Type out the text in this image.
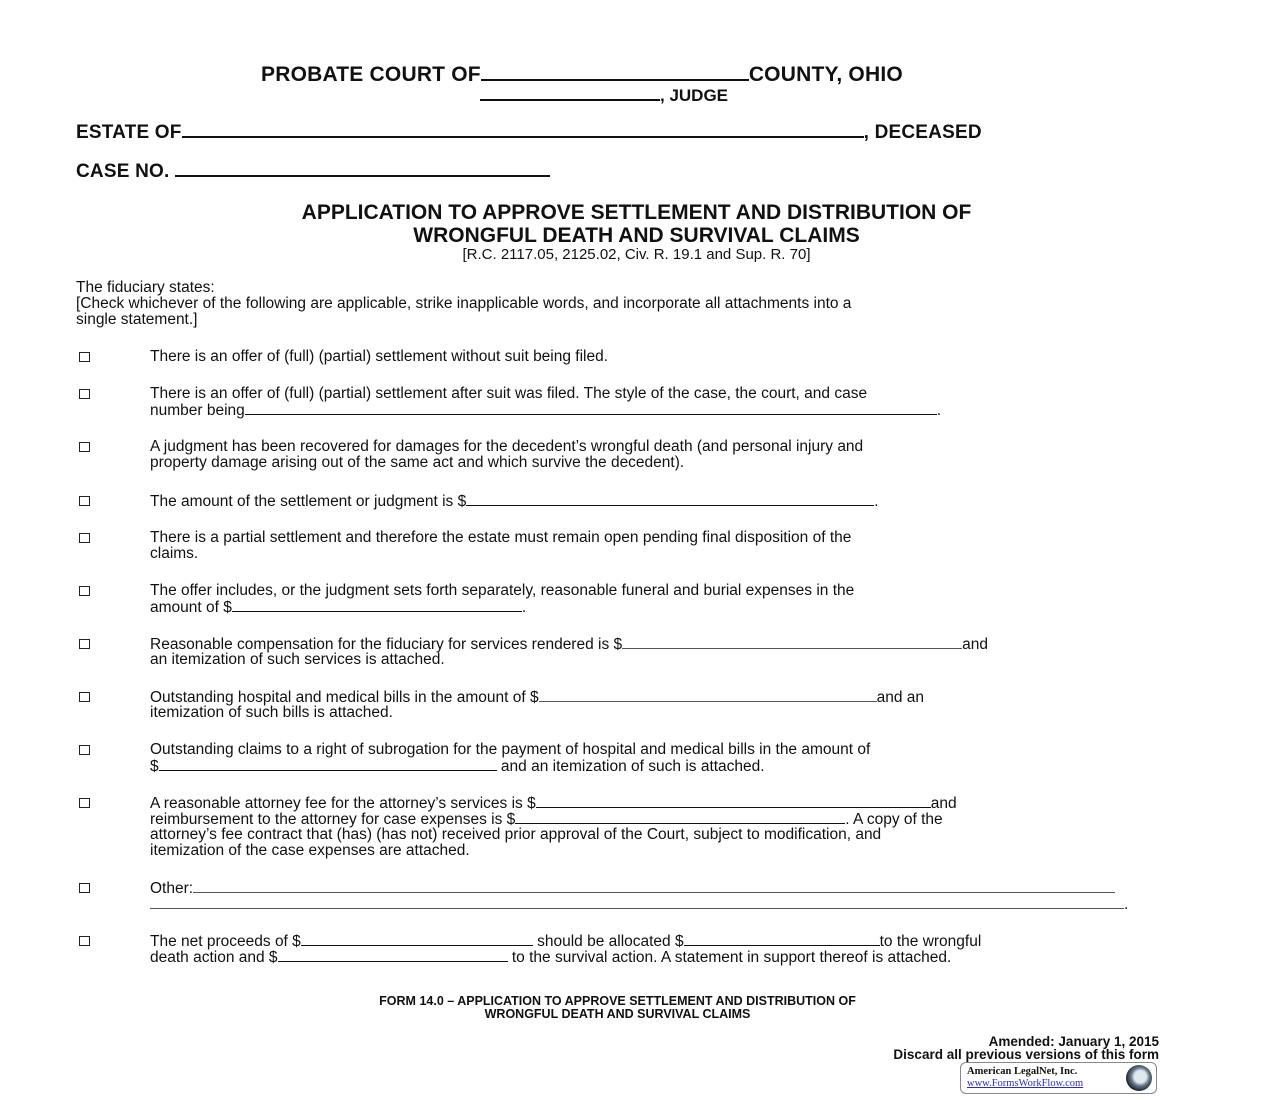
PROBATE COURT OF	COUNTY, OHIO
, JUDGE
ESTATE OF	, DECEASED
CASE NO.
APPLICATION TO APPROVE SETTLEMENT AND DISTRIBUTION OF
WRONGFUL DEATH AND SURVIVAL CLAIMS
[R.C. 2117.05, 2125.02, Civ. R. 19.1 and Sup. R. 70]
The fiduciary states:
[Check whichever of the following are applicable, strike inapplicable words, and incorporate all attachments into a
single statement.]
There is an offer of (full) (partial) settlement without suit being filed.
There is an offer of (full) (partial) settlement after suit was filed. The style of the case, the court, and case
number being	.
A judgment has been recovered for damages for the decedent’s wrongful death (and personal injury and
property damage arising out of the same act and which survive the decedent).
The amount of the settlement or judgment is $	.
There is a partial settlement and therefore the estate must remain open pending final disposition of the
claims.
The offer includes, or the judgment sets forth separately, reasonable funeral and burial expenses in the
amount of $	.
Reasonable compensation for the fiduciary for services rendered is $	and
an itemization of such services is attached.
Outstanding hospital and medical bills in the amount of $	and an
itemization of such bills is attached.
Outstanding claims to a right of subrogation for the payment of hospital and medical bills in the amount of
$	and an itemization of such is attached.
A reasonable attorney fee for the attorney’s services is $	and
reimbursement to the attorney for case expenses is $	. A copy of the
attorney’s fee contract that (has) (has not) received prior approval of the Court, subject to modification, and
itemization of the case expenses are attached.
Other:
.
The net proceeds of $	should be allocated $	to the wrongful
death action and $	to the survival action. A statement in support thereof is attached.
FORM 14.0 – APPLICATION TO APPROVE SETTLEMENT AND DISTRIBUTION OF
WRONGFUL DEATH AND SURVIVAL CLAIMS
Amended: January 1, 2015
Discard all previous versions of this form
American LegalNet, Inc.
www.FormsWorkFlow.com
